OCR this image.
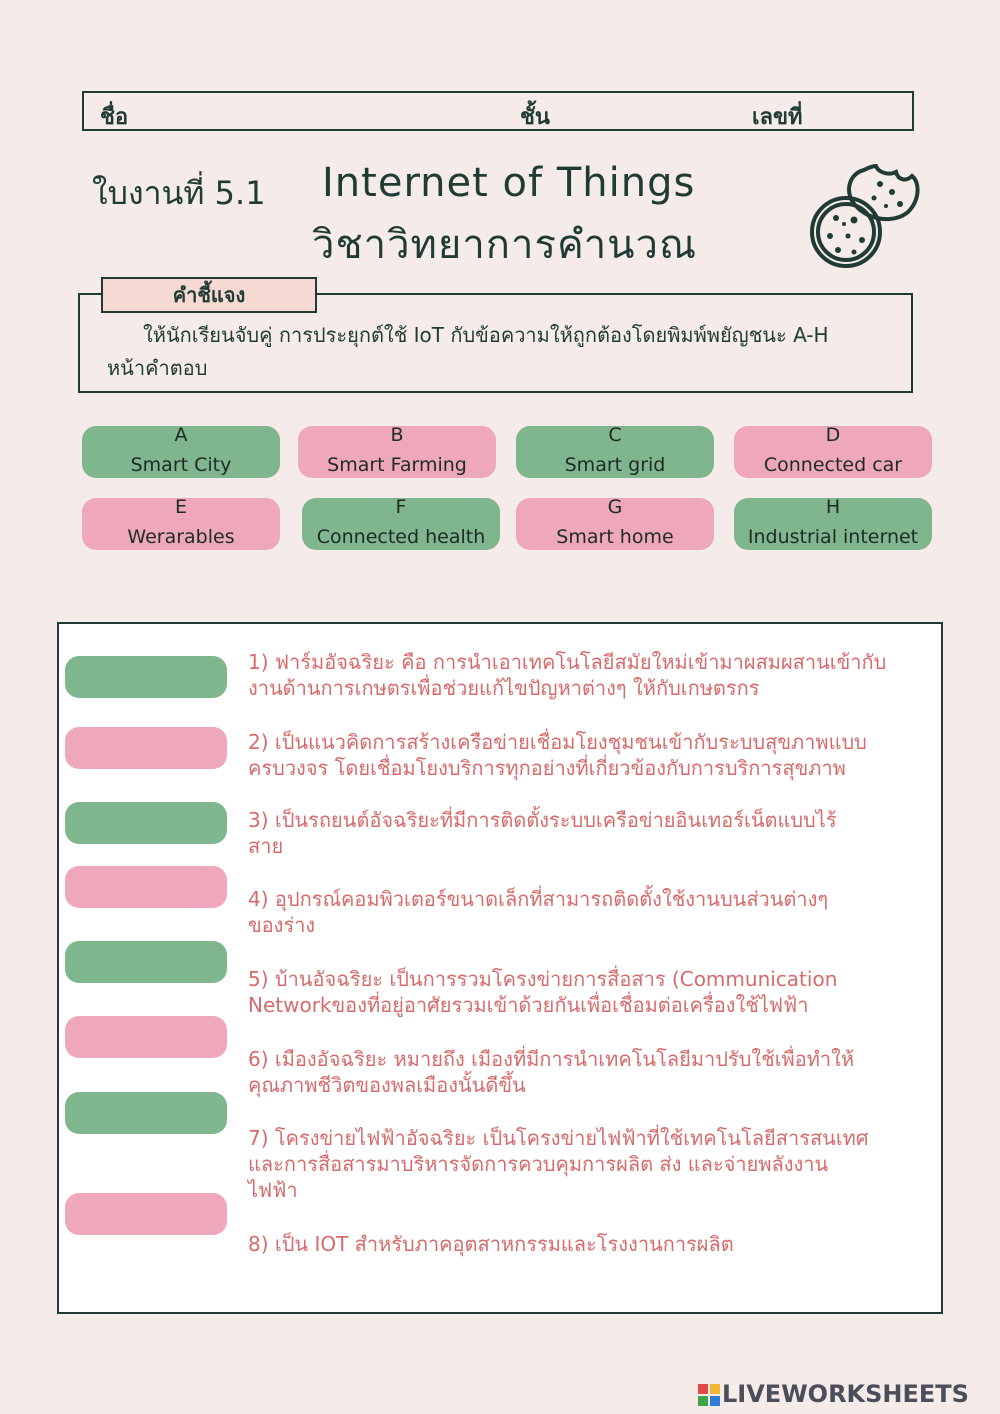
ชื่อ	ชั้น	เลขที่
ใบงานที่ 5.1 Internet of Things
วิชาวิทยาการคำนวณ
คำชี้แจง
ให้นักเรียนจับคู่ การประยุกต์ใช้ IoT กับข้อความให้ถูกต้องโดยพิมพ์พยัญชนะ A-H
หน้าคำตอบ
A
Smart City
B
Smart Farming
C
Smart grid
D
Connected car
E
Werarables
F
Connected health
G
Smart home
H
Industrial internet
1) ฟาร์มอัจฉริยะ คือ การนำเอาเทคโนโลยีสมัยใหม่เข้ามาผสมผสานเข้ากับ
งานด้านการเกษตรเพื่อช่วยแก้ไขปัญหาต่างๆ ให้กับเกษตรกร
2) เป็นแนวคิดการสร้างเครือข่ายเชื่อมโยงชุมชนเข้ากับระบบสุขภาพแบบ
ครบวงจร โดยเชื่อมโยงบริการทุกอย่างที่เกี่ยวข้องกับการบริการสุขภาพ
3) เป็นรถยนต์อัจฉริยะที่มีการติดตั้งระบบเครือข่ายอินเทอร์เน็ตแบบไร้
สาย
4) อุปกรณ์คอมพิวเตอร์ขนาดเล็กที่สามารถติดตั้งใช้งานบนส่วนต่างๆ
ของร่าง
5) บ้านอัจฉริยะ เป็นการรวมโครงข่ายการสื่อสาร (Communication
Networkของที่อยู่อาศัยรวมเข้าด้วยกันเพื่อเชื่อมต่อเครื่องใช้ไฟฟ้า
6) เมืองอัจฉริยะ หมายถึง เมืองที่มีการนำเทคโนโลยีมาปรับใช้เพื่อทำให้
คุณภาพชีวิตของพลเมืองนั้นดีขึ้น
7) โครงข่ายไฟฟ้าอัจฉริยะ เป็นโครงข่ายไฟฟ้าที่ใช้เทคโนโลยีสารสนเทศ
และการสื่อสารมาบริหารจัดการควบคุมการผลิต ส่ง และจ่ายพลังงาน
ไฟฟ้า
8) เป็น IOT สำหรับภาคอุตสาหกรรมและโรงงานการผลิต
LIVEWORKSHEETS
